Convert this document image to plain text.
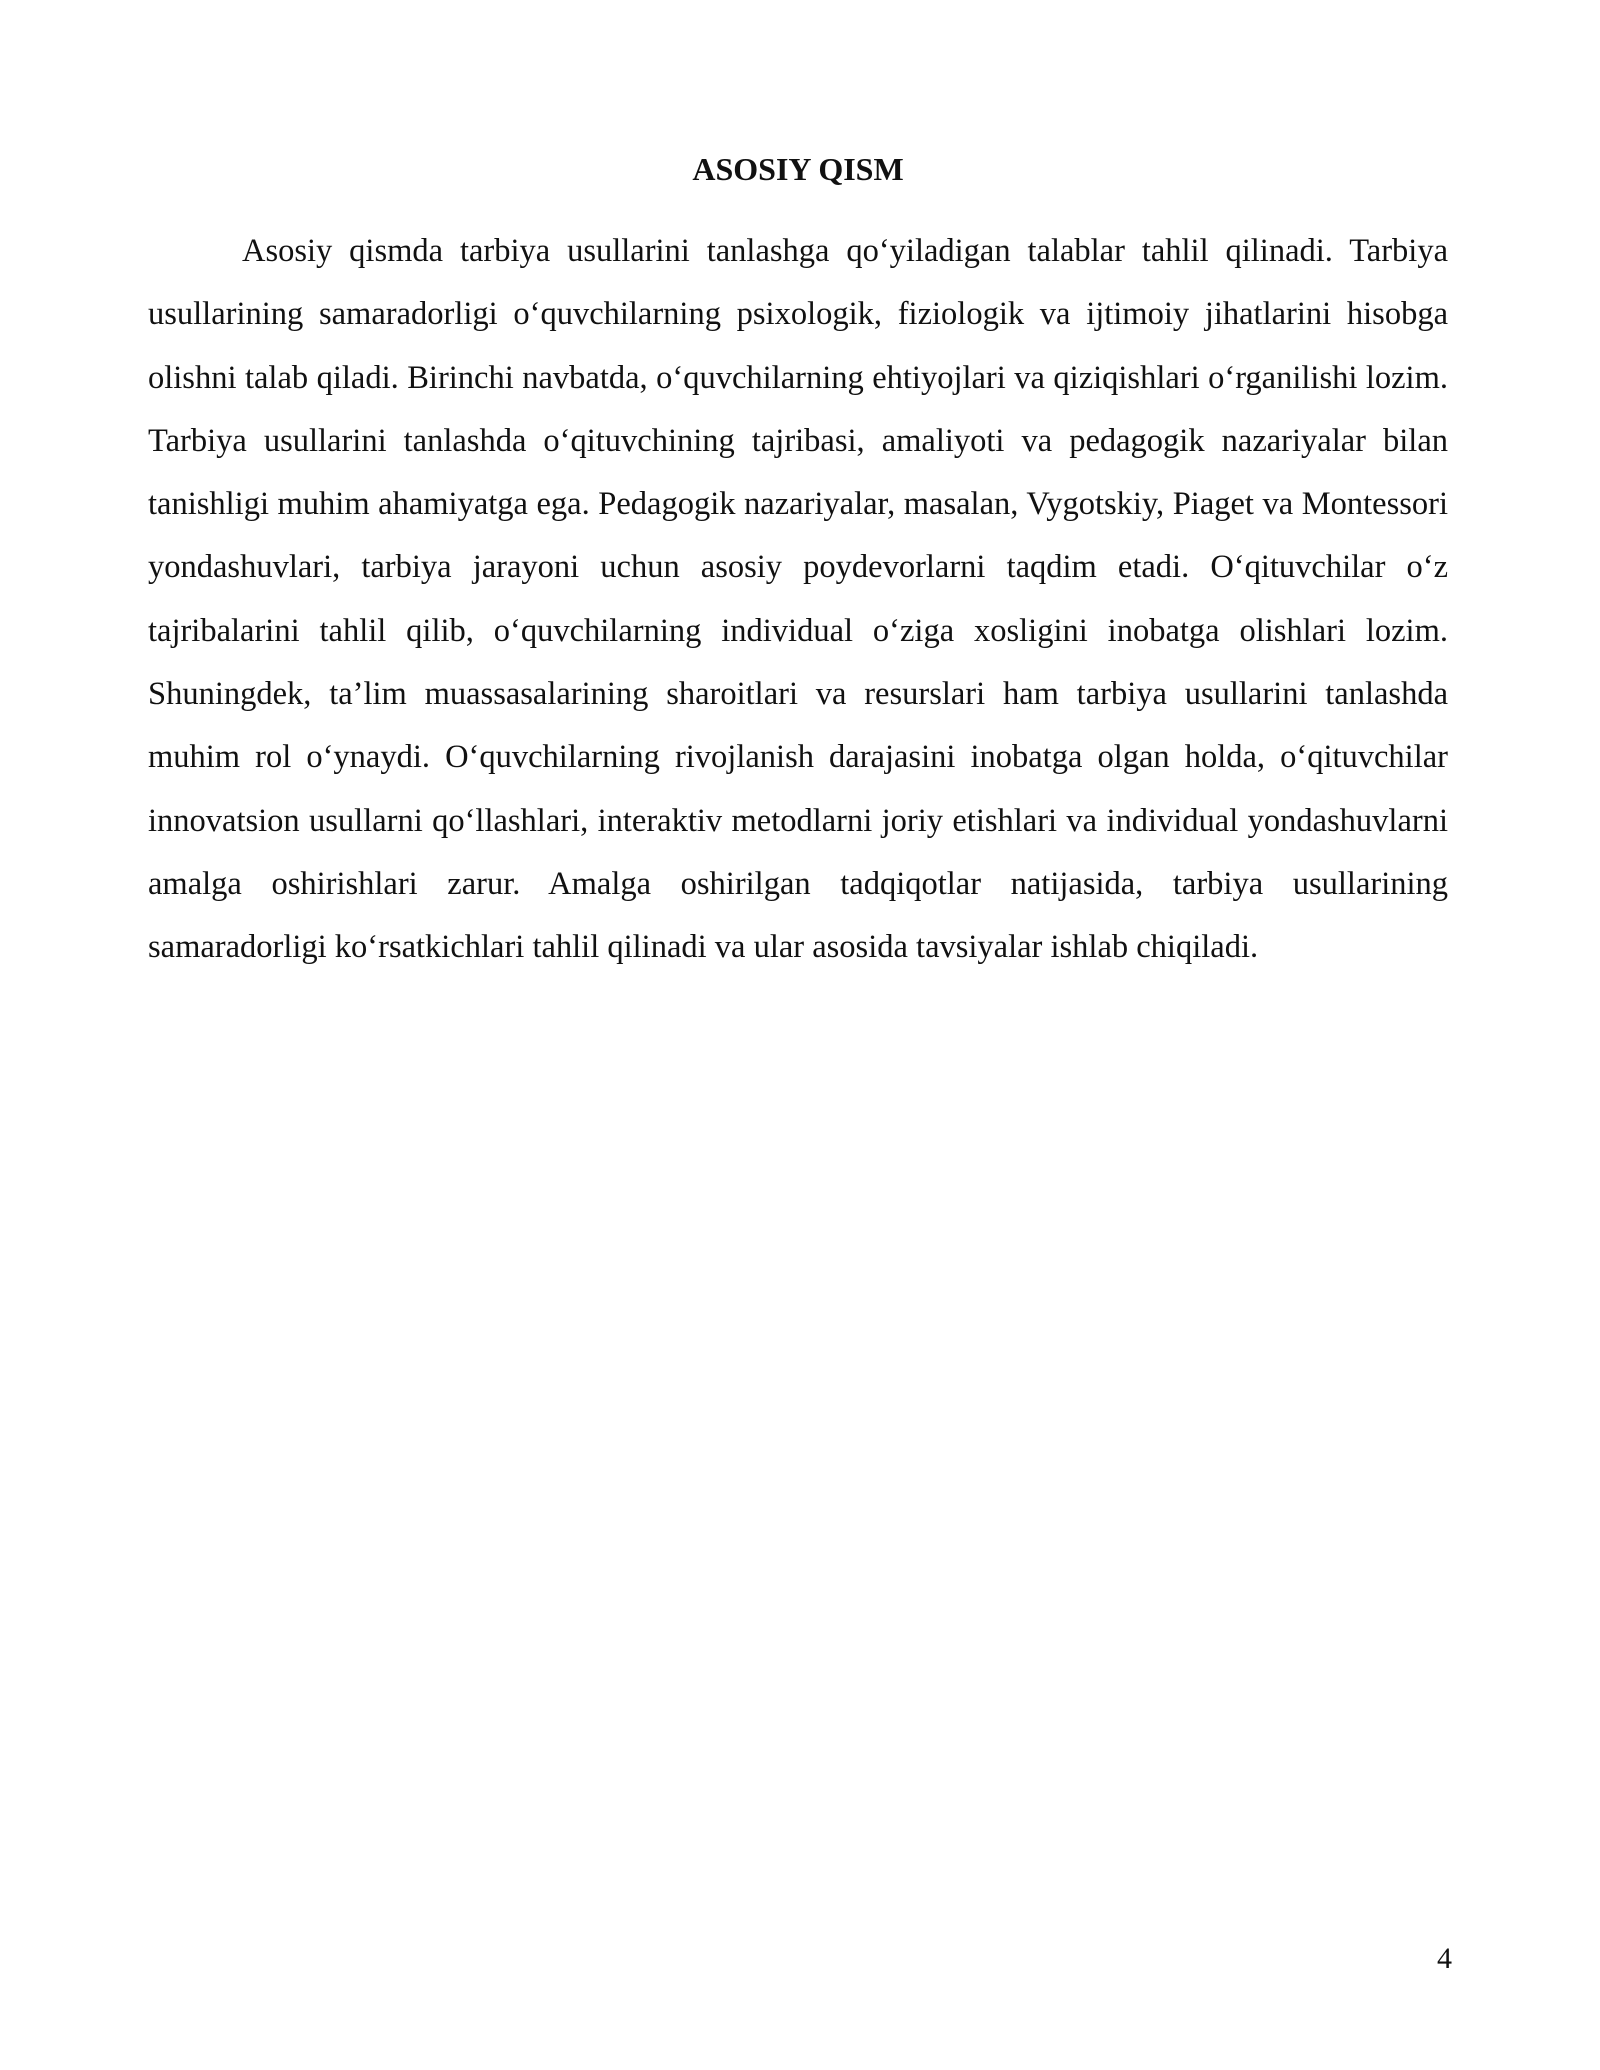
ASOSIY QISM

Asosiy qismda tarbiya usullarini tanlashga qo‘yiladigan talablar tahlil qilinadi. Tarbiya usullarining samaradorligi o‘quvchilarning psixologik, fiziologik va ijtimoiy jihatlarini hisobga olishni talab qiladi. Birinchi navbatda, o‘quvchilarning ehtiyojlari va qiziqishlari o‘rganilishi lozim. Tarbiya usullarini tanlashda o‘qituvchining tajribasi, amaliyoti va pedagogik nazariyalar bilan tanishligi muhim ahamiyatga ega. Pedagogik nazariyalar, masalan, Vygotskiy, Piaget va Montessori yondashuvlari, tarbiya jarayoni uchun asosiy poydevorlarni taqdim etadi. O‘qituvchilar o‘z tajribalarini tahlil qilib, o‘quvchilarning individual o‘ziga xosligini inobatga olishlari lozim. Shuningdek, ta’lim muassasalarining sharoitlari va resurslari ham tarbiya usullarini tanlashda muhim rol o‘ynaydi. O‘quvchilarning rivojlanish darajasini inobatga olgan holda, o‘qituvchilar innovatsion usullarni qo‘llashlari, interaktiv metodlarni joriy etishlari va individual yondashuvlarni amalga oshirishlari zarur. Amalga oshirilgan tadqiqotlar natijasida, tarbiya usullarining samaradorligi ko‘rsatkichlari tahlil qilinadi va ular asosida tavsiyalar ishlab chiqiladi.

4
